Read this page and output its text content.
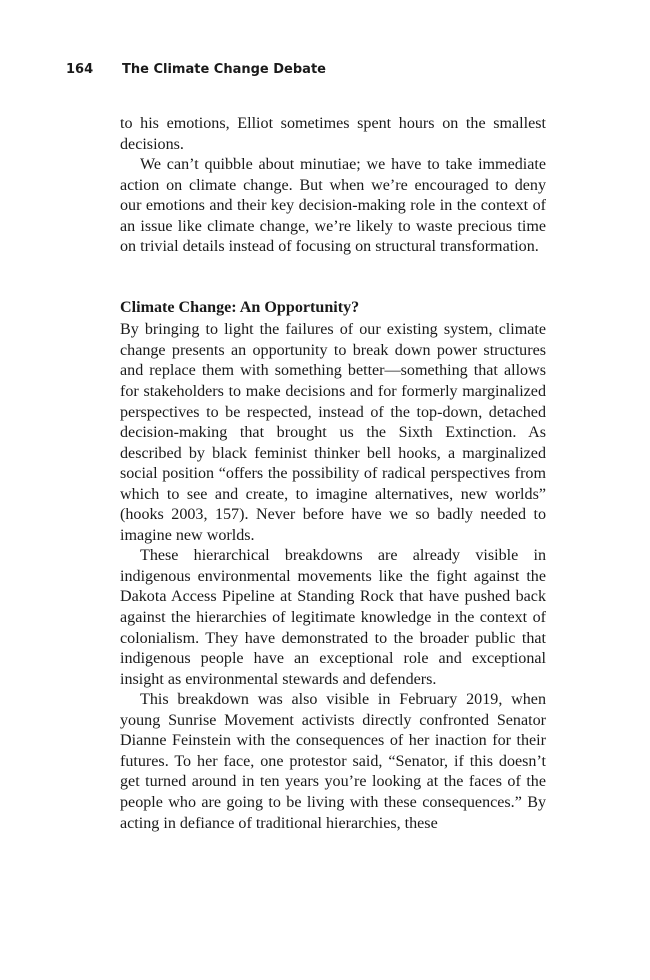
164 The Climate Change Debate

to his emotions, Elliot sometimes spent hours on the smallest decisions.

We can’t quibble about minutiae; we have to take immediate action on climate change. But when we’re encouraged to deny our emotions and their key decision-making role in the context of an issue like climate change, we’re likely to waste precious time on trivial details instead of focusing on structural transformation.

Climate Change: An Opportunity?

By bringing to light the failures of our existing system, climate change presents an opportunity to break down power structures and replace them with something better—something that allows for stakeholders to make decisions and for formerly marginalized perspectives to be respected, instead of the top-down, detached decision-making that brought us the Sixth Extinction. As described by black feminist thinker bell hooks, a marginalized social position “offers the possibility of radical perspectives from which to see and create, to imagine alternatives, new worlds” (hooks 2003, 157). Never before have we so badly needed to imagine new worlds.

These hierarchical breakdowns are already visible in indigenous environmental movements like the fight against the Dakota Access Pipeline at Standing Rock that have pushed back against the hierarchies of legitimate knowledge in the context of colonialism. They have demonstrated to the broader public that indigenous people have an exceptional role and exceptional insight as environmental stewards and defenders.

This breakdown was also visible in February 2019, when young Sunrise Movement activists directly confronted Senator Dianne Feinstein with the consequences of her inaction for their futures. To her face, one protestor said, “Senator, if this doesn’t get turned around in ten years you’re looking at the faces of the people who are going to be living with these consequences.” By acting in defiance of traditional hierarchies, these
